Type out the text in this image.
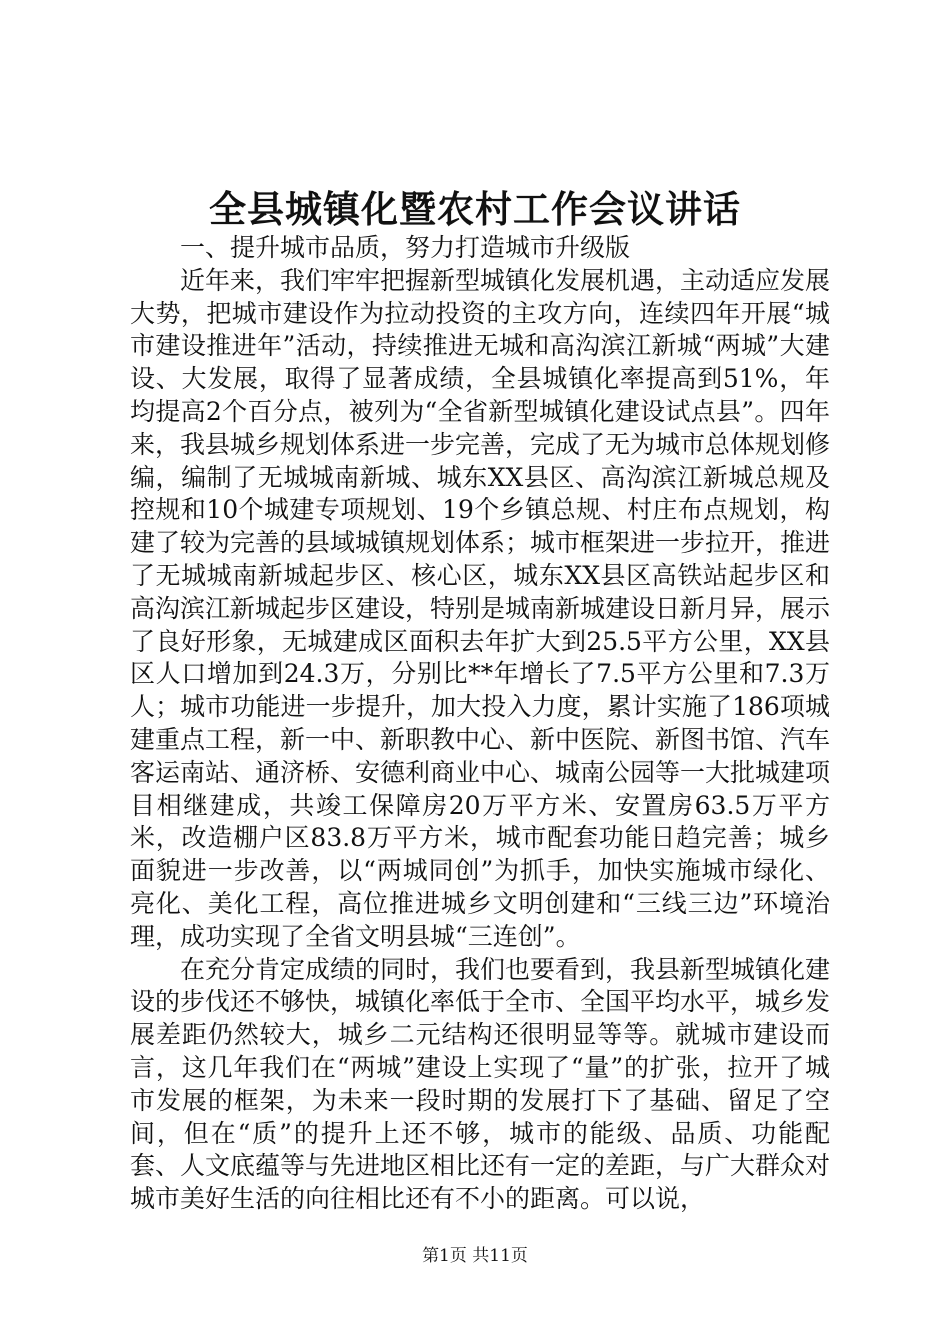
全县城镇化暨农村工作会议讲话

一、提升城市品质，努力打造城市升级版

近年来，我们牢牢把握新型城镇化发展机遇，主动适应发展大势，把城市建设作为拉动投资的主攻方向，连续四年开展“城市建设推进年”活动，持续推进无城和高沟滨江新城“两城”大建设、大发展，取得了显著成绩，全县城镇化率提高到51%，年均提高2个百分点，被列为“全省新型城镇化建设试点县”。四年来，我县城乡规划体系进一步完善，完成了无为城市总体规划修编，编制了无城城南新城、城东XX县区、高沟滨江新城总规及控规和10个城建专项规划、19个乡镇总规、村庄布点规划，构建了较为完善的县域城镇规划体系；城市框架进一步拉开，推进了无城城南新城起步区、核心区，城东XX县区高铁站起步区和高沟滨江新城起步区建设，特别是城南新城建设日新月异，展示了良好形象，无城建成区面积去年扩大到25.5平方公里，XX县区人口增加到24.3万，分别比**年增长了7.5平方公里和7.3万人；城市功能进一步提升，加大投入力度，累计实施了186项城建重点工程，新一中、新职教中心、新中医院、新图书馆、汽车客运南站、通济桥、安德利商业中心、城南公园等一大批城建项目相继建成，共竣工保障房20万平方米、安置房63.5万平方米，改造棚户区83.8万平方米，城市配套功能日趋完善；城乡面貌进一步改善，以“两城同创”为抓手，加快实施城市绿化、亮化、美化工程，高位推进城乡文明创建和“三线三边”环境治理，成功实现了全省文明县城“三连创”。

在充分肯定成绩的同时，我们也要看到，我县新型城镇化建设的步伐还不够快，城镇化率低于全市、全国平均水平，城乡发展差距仍然较大，城乡二元结构还很明显等等。就城市建设而言，这几年我们在“两城”建设上实现了“量”的扩张，拉开了城市发展的框架，为未来一段时期的发展打下了基础、留足了空间，但在“质”的提升上还不够，城市的能级、品质、功能配套、人文底蕴等与先进地区相比还有一定的差距，与广大群众对城市美好生活的向往相比还有不小的距离。可以说，

第1页 共11页
